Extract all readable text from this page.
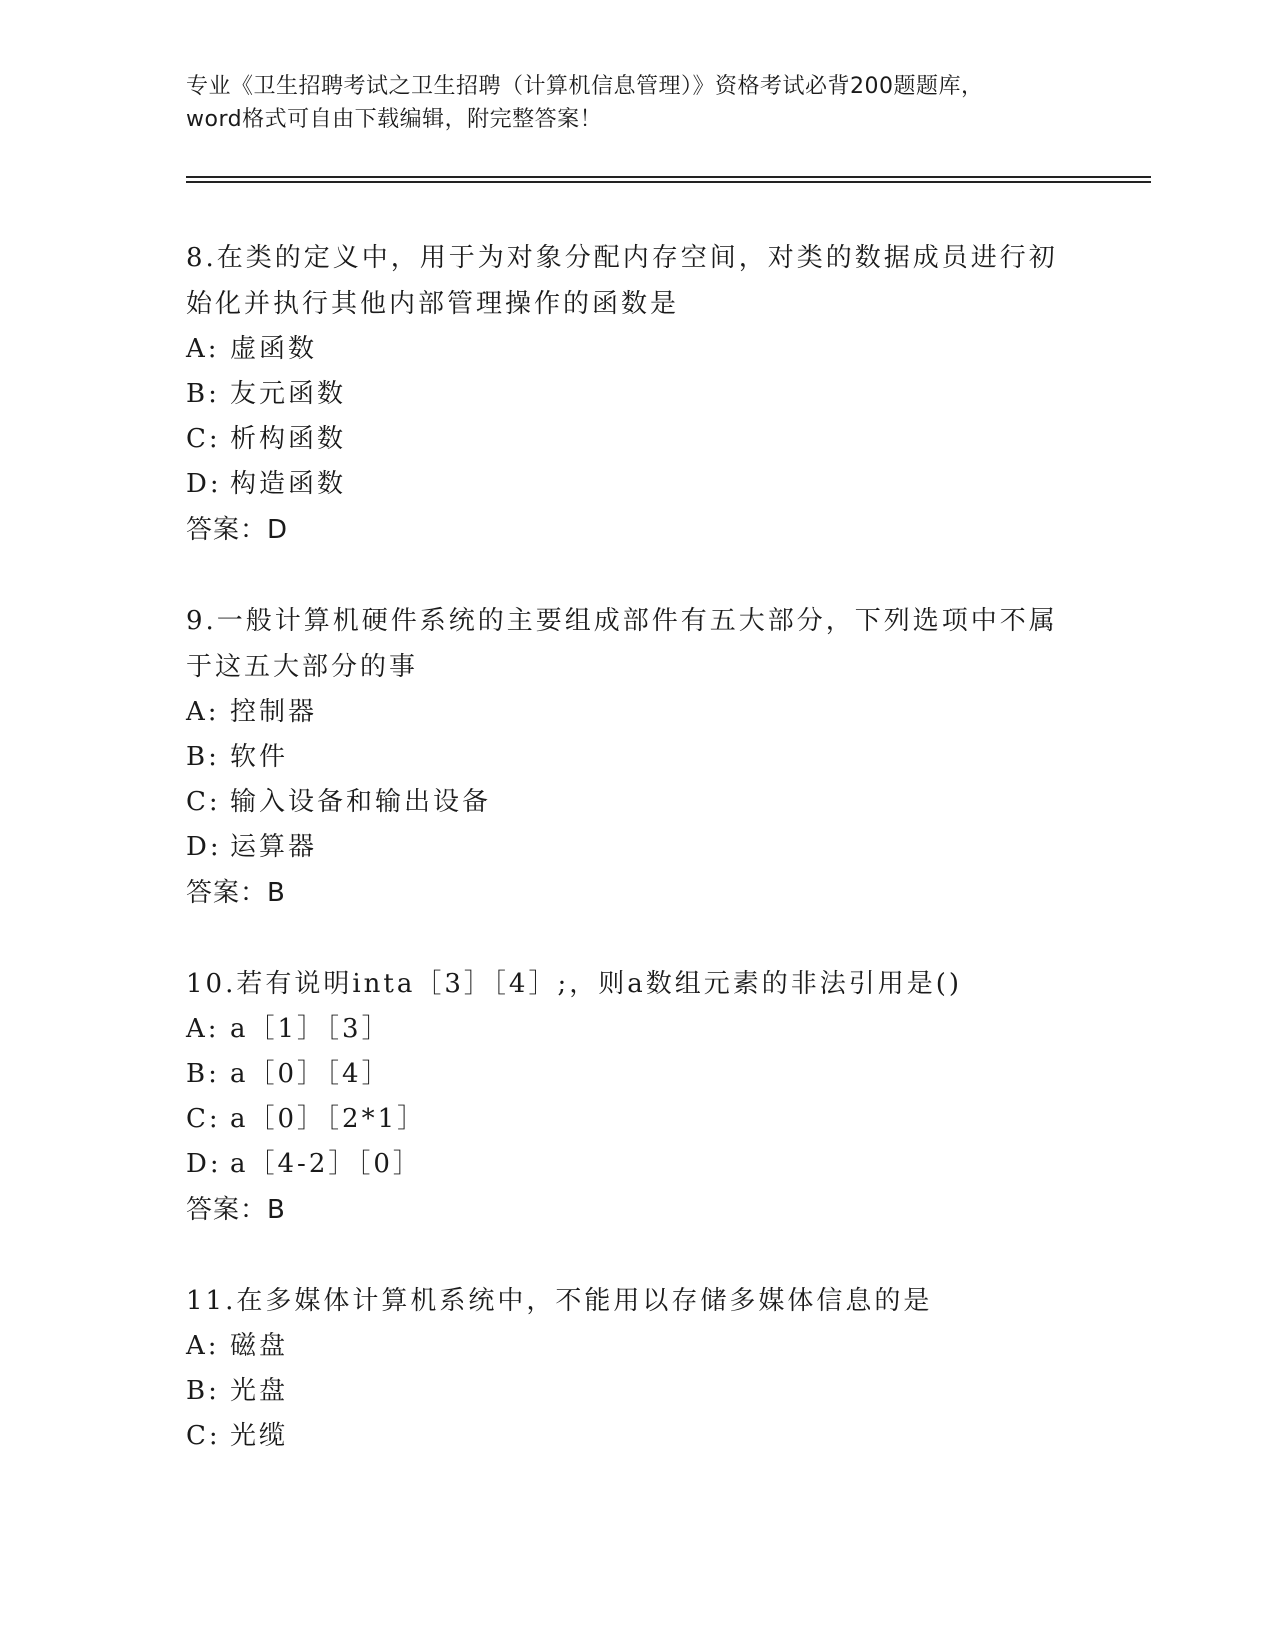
专业《卫生招聘考试之卫生招聘（计算机信息管理）》资格考试必背200题题库，
word格式可自由下载编辑，附完整答案！
8.在类的定义中，用于为对象分配内存空间，对类的数据成员进行初
始化并执行其他内部管理操作的函数是
A: 虚函数
B: 友元函数
C: 析构函数
D: 构造函数
答案：D
9.一般计算机硬件系统的主要组成部件有五大部分，下列选项中不属
于这五大部分的事
A: 控制器
B: 软件
C: 输入设备和输出设备
D: 运算器
答案：B
10.若有说明inta［3］［4］;，则a数组元素的非法引用是()
A: a［1］［3］
B: a［0］［4］
C: a［0］［2*1］
D: a［4-2］［0］
答案：B
11.在多媒体计算机系统中，不能用以存储多媒体信息的是
A: 磁盘
B: 光盘
C: 光缆
